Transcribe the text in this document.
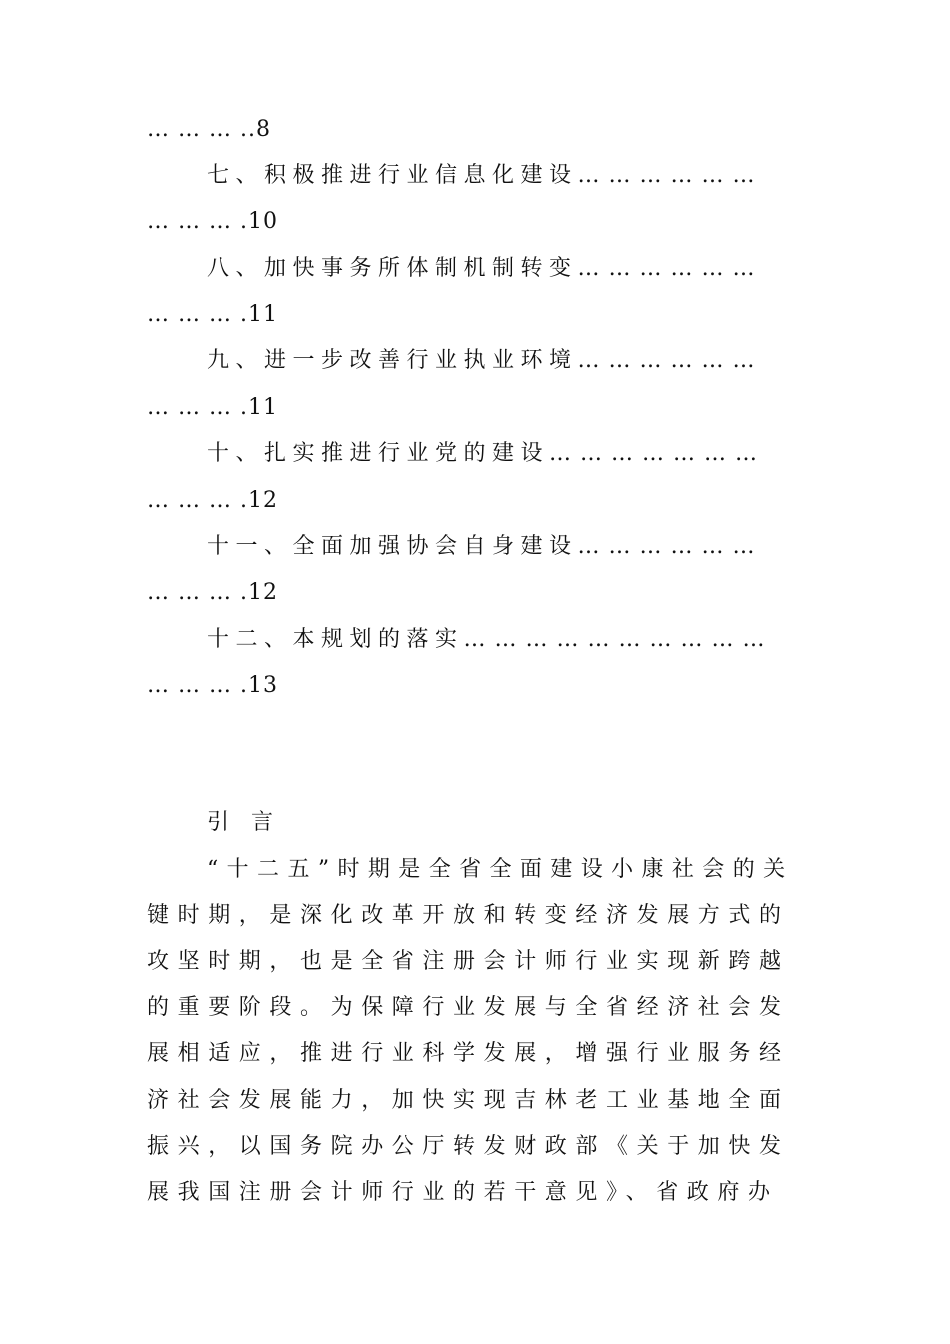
… … … ..8
七、积极推进行业信息化建设… … … … … …
… … … .10
八、加快事务所体制机制转变… … … … … …
… … … .11
九、进一步改善行业执业环境… … … … … …
… … … .11
十、扎实推进行业党的建设… … … … … … …
… … … .12
十一、全面加强协会自身建设… … … … … …
… … … .12
十二、本规划的落实… … … … … … … … … …
… … … .13
引言
“十二五”时期是全省全面建设小康社会的关
键时期，是深化改革开放和转变经济发展方式的
攻坚时期，也是全省注册会计师行业实现新跨越
的重要阶段。为保障行业发展与全省经济社会发
展相适应，推进行业科学发展，增强行业服务经
济社会发展能力，加快实现吉林老工业基地全面
振兴，以国务院办公厅转发财政部《关于加快发
展我国注册会计师行业的若干意见》、省政府办
